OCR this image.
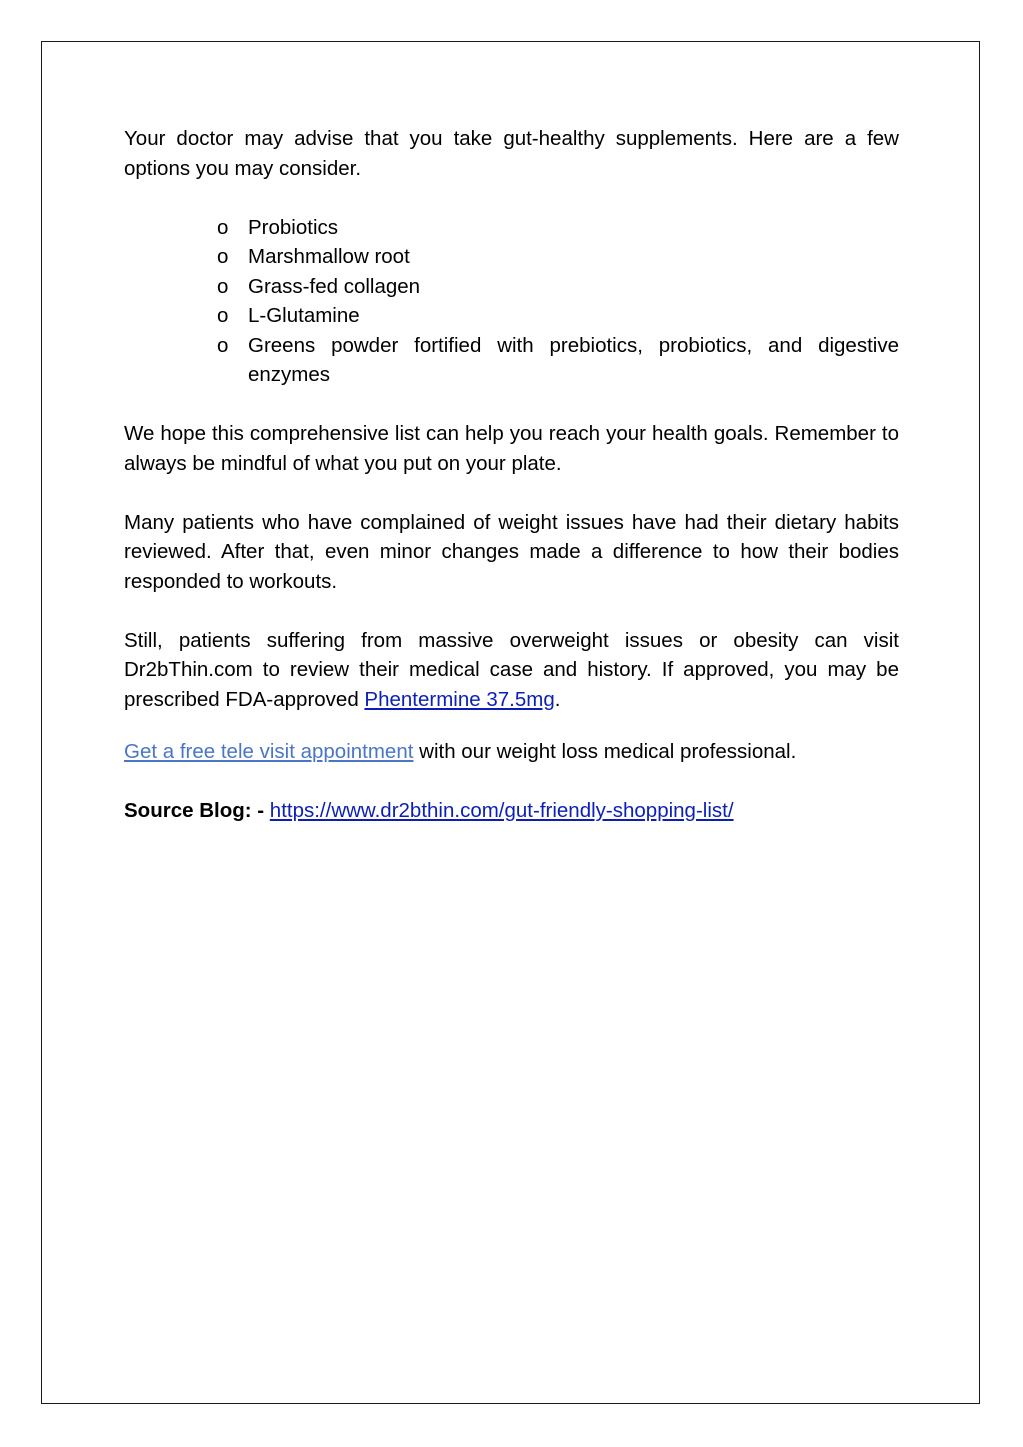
Your doctor may advise that you take gut-healthy supplements. Here are a few options you may consider.

o Probiotics
o Marshmallow root
o Grass-fed collagen
o L-Glutamine
o Greens powder fortified with prebiotics, probiotics, and digestive enzymes

We hope this comprehensive list can help you reach your health goals. Remember to always be mindful of what you put on your plate.

Many patients who have complained of weight issues have had their dietary habits reviewed. After that, even minor changes made a difference to how their bodies responded to workouts.

Still, patients suffering from massive overweight issues or obesity can visit Dr2bThin.com to review their medical case and history. If approved, you may be prescribed FDA-approved Phentermine 37.5mg.

Get a free tele visit appointment with our weight loss medical professional.

Source Blog: - https://www.dr2bthin.com/gut-friendly-shopping-list/
